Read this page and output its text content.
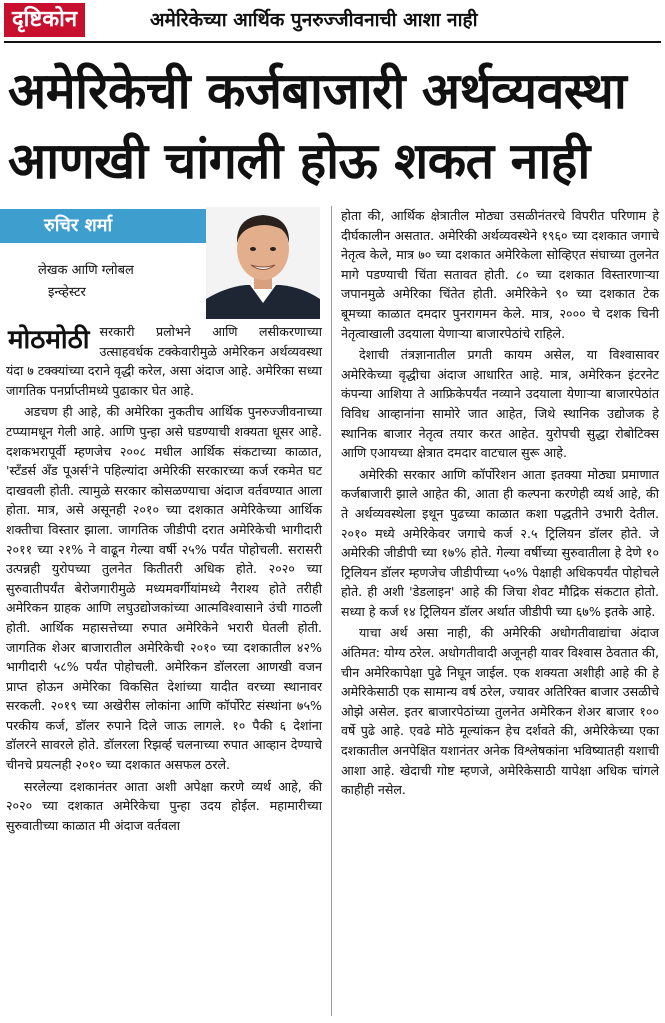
दृष्टिकोन	अमेरिकेच्या आर्थिक पुनरुज्जीवनाची आशा नाही
अमेरिकेची कर्जबाजारी अर्थव्यवस्था
आणखी चांगली होऊ शकत नाही
रुचिर शर्मा
लेखक आणि ग्लोबल
इन्व्हेस्टर

मोठमोठी सरकारी प्रलोभने आणि लसीकरणाच्या उत्साहवर्धक टक्केवारीमुळे अमेरिकन अर्थव्यवस्था यंदा ७ टक्क्यांच्या दराने वृद्धी करेल, असा अंदाज आहे. अमेरिका सध्या जागतिक पनर्प्राप्तीमध्ये पुढाकार घेत आहे.

अडचण ही आहे, की अमेरिका नुकतीच आर्थिक पुनरुज्जीवनाच्या टप्प्यामधून गेली आहे. आणि पुन्हा असे घडण्याची शक्यता धूसर आहे. दशकभरापूर्वी म्हणजेच २००८ मधील आर्थिक संकटाच्या काळात, 'स्टँडर्स अँड पूअर्स'ने पहिल्यांदा अमेरिकी सरकारच्या कर्ज रकमेत घट दाखवली होती. त्यामुळे सरकार कोसळण्याचा अंदाज वर्तवण्यात आला होता. मात्र, असे असूनही २०१० च्या दशकात अमेरिकेच्या आर्थिक शक्तीचा विस्तार झाला. जागतिक जीडीपी दरात अमेरिकेची भागीदारी २०११ च्या २१% ने वाढून गेल्या वर्षी २५% पर्यंत पोहोचली. सरासरी उत्पन्नही युरोपच्या तुलनेत कितीतरी अधिक होते. २०२० च्या सुरुवातीपर्यंत बेरोजगारीमुळे मध्यमवर्गीयांमध्ये नैराश्य होते तरीही अमेरिकन ग्राहक आणि लघुउद्योजकांच्या आत्मविश्वासाने उंची गाठली होती. आर्थिक महासत्तेच्या रुपात अमेरिकेने भरारी घेतली होती. जागतिक शेअर बाजारातील अमेरिकेची २०१० च्या दशकातील ४२% भागीदारी ५८% पर्यंत पोहोचली. अमेरिकन डॉलरला आणखी वजन प्राप्त होऊन अमेरिका विकसित देशांच्या यादीत वरच्या स्थानावर सरकली. २०१९ च्या अखेरीस लोकांना आणि कॉर्पोरेट संस्थांना ७५% परकीय कर्ज, डॉलर रुपाने दिले जाऊ लागले. १० पैकी ६ देशांना डॉलरने सावरले होते. डॉलरला रिझर्व्ह चलनाच्या रुपात आव्हान देण्याचे चीनचे प्रयत्नही २०१० च्या दशकात असफल ठरले.

सरलेल्या दशकानंतर आता अशी अपेक्षा करणे व्यर्थ आहे, की २०२० च्या दशकात अमेरिकेचा पुन्हा उदय होईल. महामारीच्या सुरुवातीच्या काळात मी अंदाज वर्तवला

होता की, आर्थिक क्षेत्रातील मोठ्या उसळीनंतरचे विपरीत परिणाम हे दीर्घकालीन असतात. अमेरिकी अर्थव्यवस्थेने १९६० च्या दशकात जगाचे नेतृत्व केले, मात्र ७० च्या दशकात अमेरिकेला सोव्हिएत संघाच्या तुलनेत मागे पडण्याची चिंता सतावत होती. ८० च्या दशकात विस्तारणाऱ्या जपानमुळे अमेरिका चिंतेत होती. अमेरिकेने ९० च्या दशकात टेक बूमच्या काळात दमदार पुनरागमन केले. मात्र, २००० चे दशक चिनी नेतृत्वाखाली उदयाला येणाऱ्या बाजारपेठांचे राहिले.

देशाची तंत्रज्ञानातील प्रगती कायम असेल, या विश्वासावर अमेरिकेच्या वृद्धीचा अंदाज आधारित आहे. मात्र, अमेरिकन इंटरनेट कंपन्या आशिया ते आफ्रिकेपर्यंत नव्याने उदयाला येणाऱ्या बाजारपेठांत विविध आव्हानांना सामोरे जात आहेत, जिथे स्थानिक उद्योजक हे स्थानिक बाजार नेतृत्व तयार करत आहेत. युरोपची सुद्धा रोबोटिक्स आणि एआयच्या क्षेत्रात दमदार वाटचाल सुरू आहे.

अमेरिकी सरकार आणि कॉर्पोरेशन आता इतक्या मोठ्या प्रमाणात कर्जबाजारी झाले आहेत की, आता ही कल्पना करणेही व्यर्थ आहे, की ते अर्थव्यवस्थेला इथून पुढच्या काळात कशा पद्धतीने उभारी देतील. २०१० मध्ये अमेरिकेवर जगाचे कर्ज २.५ ट्रिलियन डॉलर होते. जे अमेरिकी जीडीपी च्या १७% होते. गेल्या वर्षीच्या सुरुवातीला हे देणे १० ट्रिलियन डॉलर म्हणजेच जीडीपीच्या ५०% पेक्षाही अधिकपर्यंत पोहोचले होते. ही अशी 'डेडलाइन' आहे की जिचा शेवट मौद्रिक संकटात होतो. सध्या हे कर्ज १४ ट्रिलियन डॉलर अर्थात जीडीपी च्या ६७% इतके आहे.

याचा अर्थ असा नाही, की अमेरिकी अधोगतीवाद्यांचा अंदाज अंतिमत: योग्य ठरेल. अधोगतीवादी अजूनही यावर विश्वास ठेवतात की, चीन अमेरिकापेक्षा पुढे निघून जाईल. एक शक्यता अशीही आहे की हे अमेरिकेसाठी एक सामान्य वर्ष ठरेल, ज्यावर अतिरिक्त बाजार उसळीचे ओझे असेल. इतर बाजारपेठांच्या तुलनेत अमेरिकन शेअर बाजार १०० वर्षे पुढे आहे. एवढे मोठे मूल्यांकन हेच दर्शवते की, अमेरिकेच्या एका दशकातील अनपेक्षित यशानंतर अनेक विश्लेषकांना भविष्यातही यशाची आशा आहे. खेदाची गोष्ट म्हणजे, अमेरिकेसाठी यापेक्षा अधिक चांगले काहीही नसेल.
